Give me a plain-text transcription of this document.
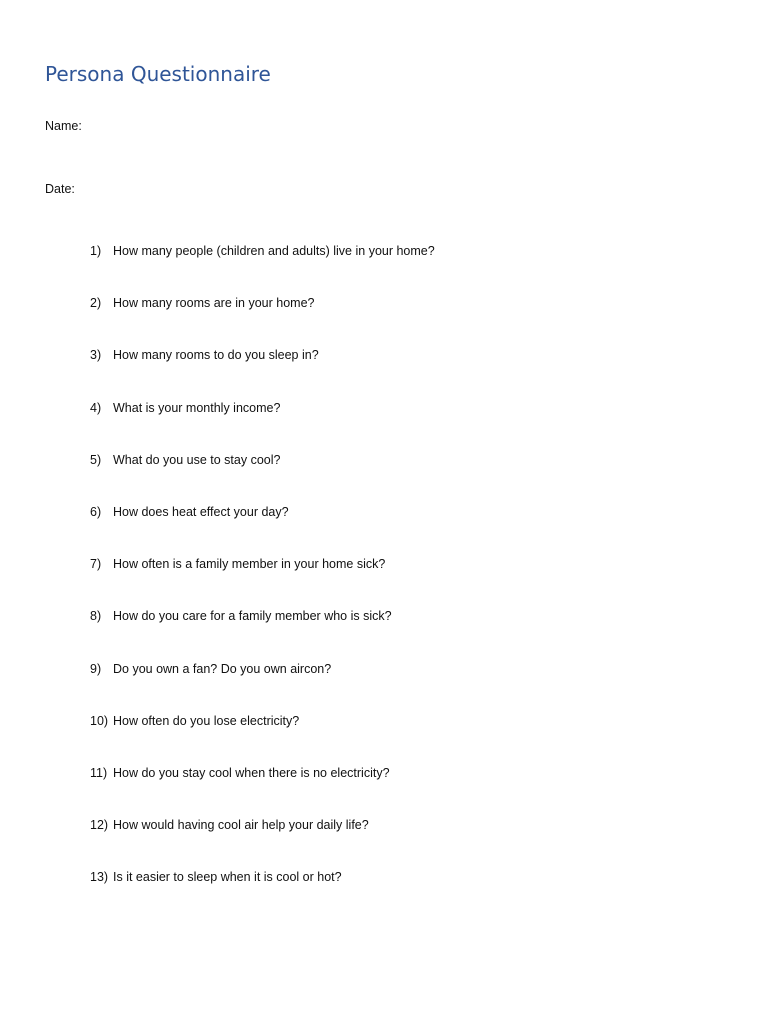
Persona Questionnaire
Name:
Date:
1) How many people (children and adults) live in your home?
2) How many rooms are in your home?
3) How many rooms to do you sleep in?
4) What is your monthly income?
5) What do you use to stay cool?
6) How does heat effect your day?
7) How often is a family member in your home sick?
8) How do you care for a family member who is sick?
9) Do you own a fan? Do you own aircon?
10) How often do you lose electricity?
11) How do you stay cool when there is no electricity?
12) How would having cool air help your daily life?
13) Is it easier to sleep when it is cool or hot?
